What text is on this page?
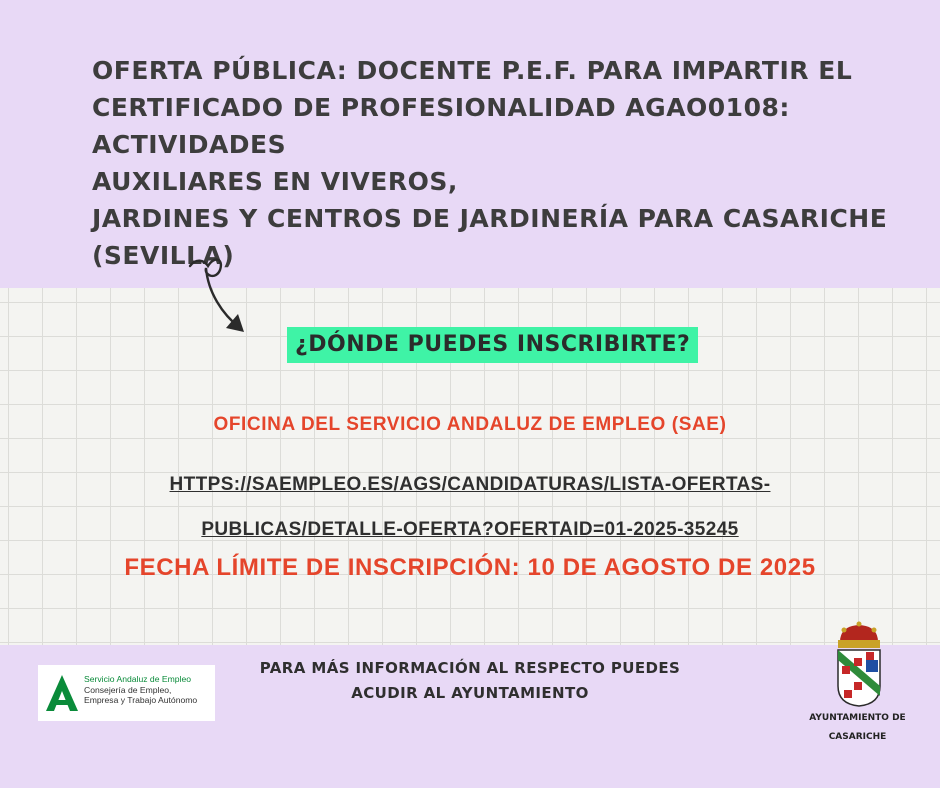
OFERTA PÚBLICA: DOCENTE P.E.F. PARA IMPARTIR EL
CERTIFICADO DE PROFESIONALIDAD AGAO0108: ACTIVIDADES
AUXILIARES EN VIVEROS,
JARDINES Y CENTROS DE JARDINERÍA PARA CASARICHE
(SEVILLA)
¿DÓNDE PUEDES INSCRIBIRTE?
OFICINA DEL SERVICIO ANDALUZ DE EMPLEO (SAE)
HTTPS://SAEMPLEO.ES/AGS/CANDIDATURAS/LISTA-OFERTAS-
PUBLICAS/DETALLE-OFERTA?OFERTAID=01-2025-35245
FECHA LÍMITE DE INSCRIPCIÓN: 10 DE AGOSTO DE 2025
Servicio Andaluz de Empleo
Consejería de Empleo,
Empresa y Trabajo Autónomo
PARA MÁS INFORMACIÓN AL RESPECTO PUEDES
ACUDIR AL AYUNTAMIENTO
AYUNTAMIENTO DE
CASARICHE
